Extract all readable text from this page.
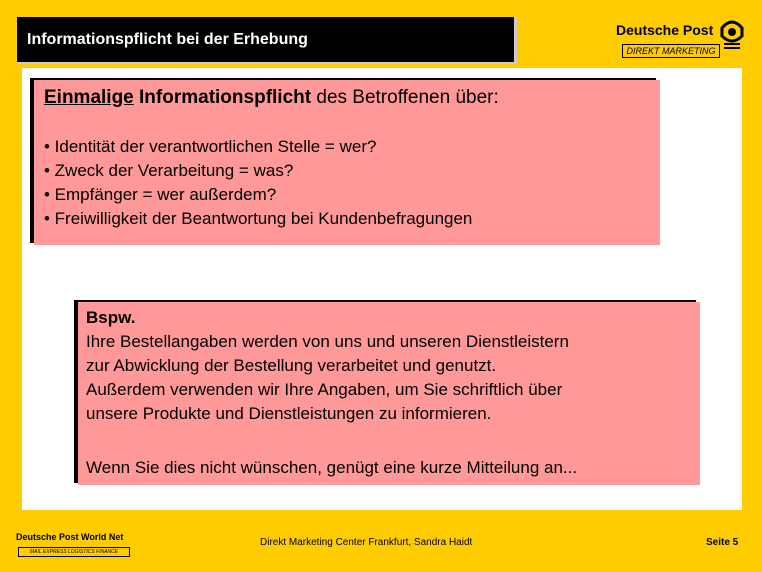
Informationspflicht bei der Erhebung
Deutsche Post
DIREKT MARKETING
Einmalige Informationspflicht des Betroffenen über:
• Identität der verantwortlichen Stelle = wer?
• Zweck der Verarbeitung = was?
• Empfänger = wer außerdem?
• Freiwilligkeit der Beantwortung bei Kundenbefragungen
Bspw.
Ihre Bestellangaben werden von uns und unseren Dienstleistern
zur Abwicklung der Bestellung verarbeitet und genutzt.
Außerdem verwenden wir Ihre Angaben, um Sie schriftlich über
unsere Produkte und Dienstleistungen zu informieren.
Wenn Sie dies nicht wünschen, genügt eine kurze Mitteilung an...
Deutsche Post World Net
MAIL EXPRESS LOGISTICS FINANCE
Direkt Marketing Center Frankfurt, Sandra Haidt	Seite 5
